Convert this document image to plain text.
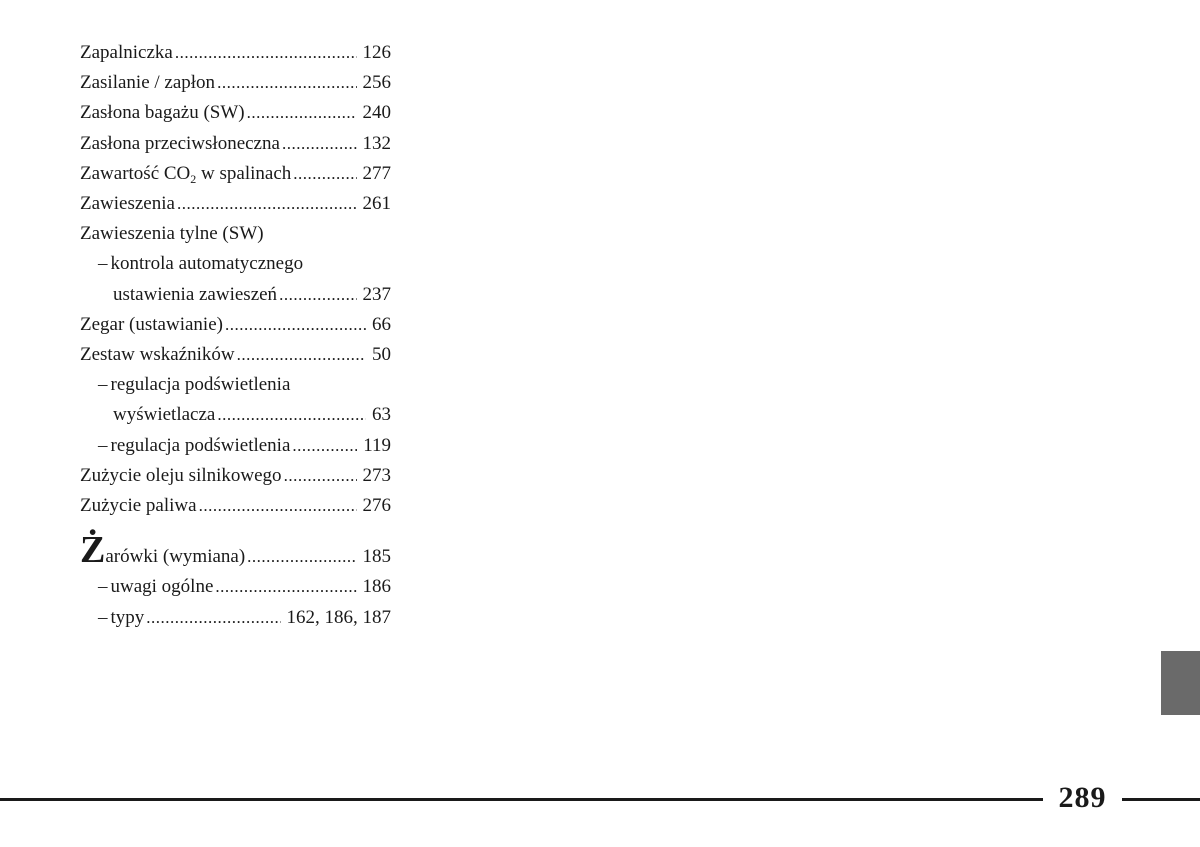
Zapalniczka .....	126
Zasilanie / zapłon .....	256
Zasłona bagażu (SW) .....	240
Zasłona przeciwsłoneczna .....	132
Zawartość $CO_2$ w spalinach .....	277
Zawieszenia .....	261
Zawieszenia tylne (SW)
– kontrola automatycznego
ustawienia zawieszeń .....	237
Zegar (ustawianie) .....	66
Zestaw wskaźników .....	50
– regulacja podświetlenia
wyświetlacza .....	63
– regulacja podświetlenia .....	119
Zużycie oleju silnikowego .....	273
Zużycie paliwa .....	276
Żarówki (wymiana) .....	185
– uwagi ogólne .....	186
– typy .....	162, 186, 187
289
